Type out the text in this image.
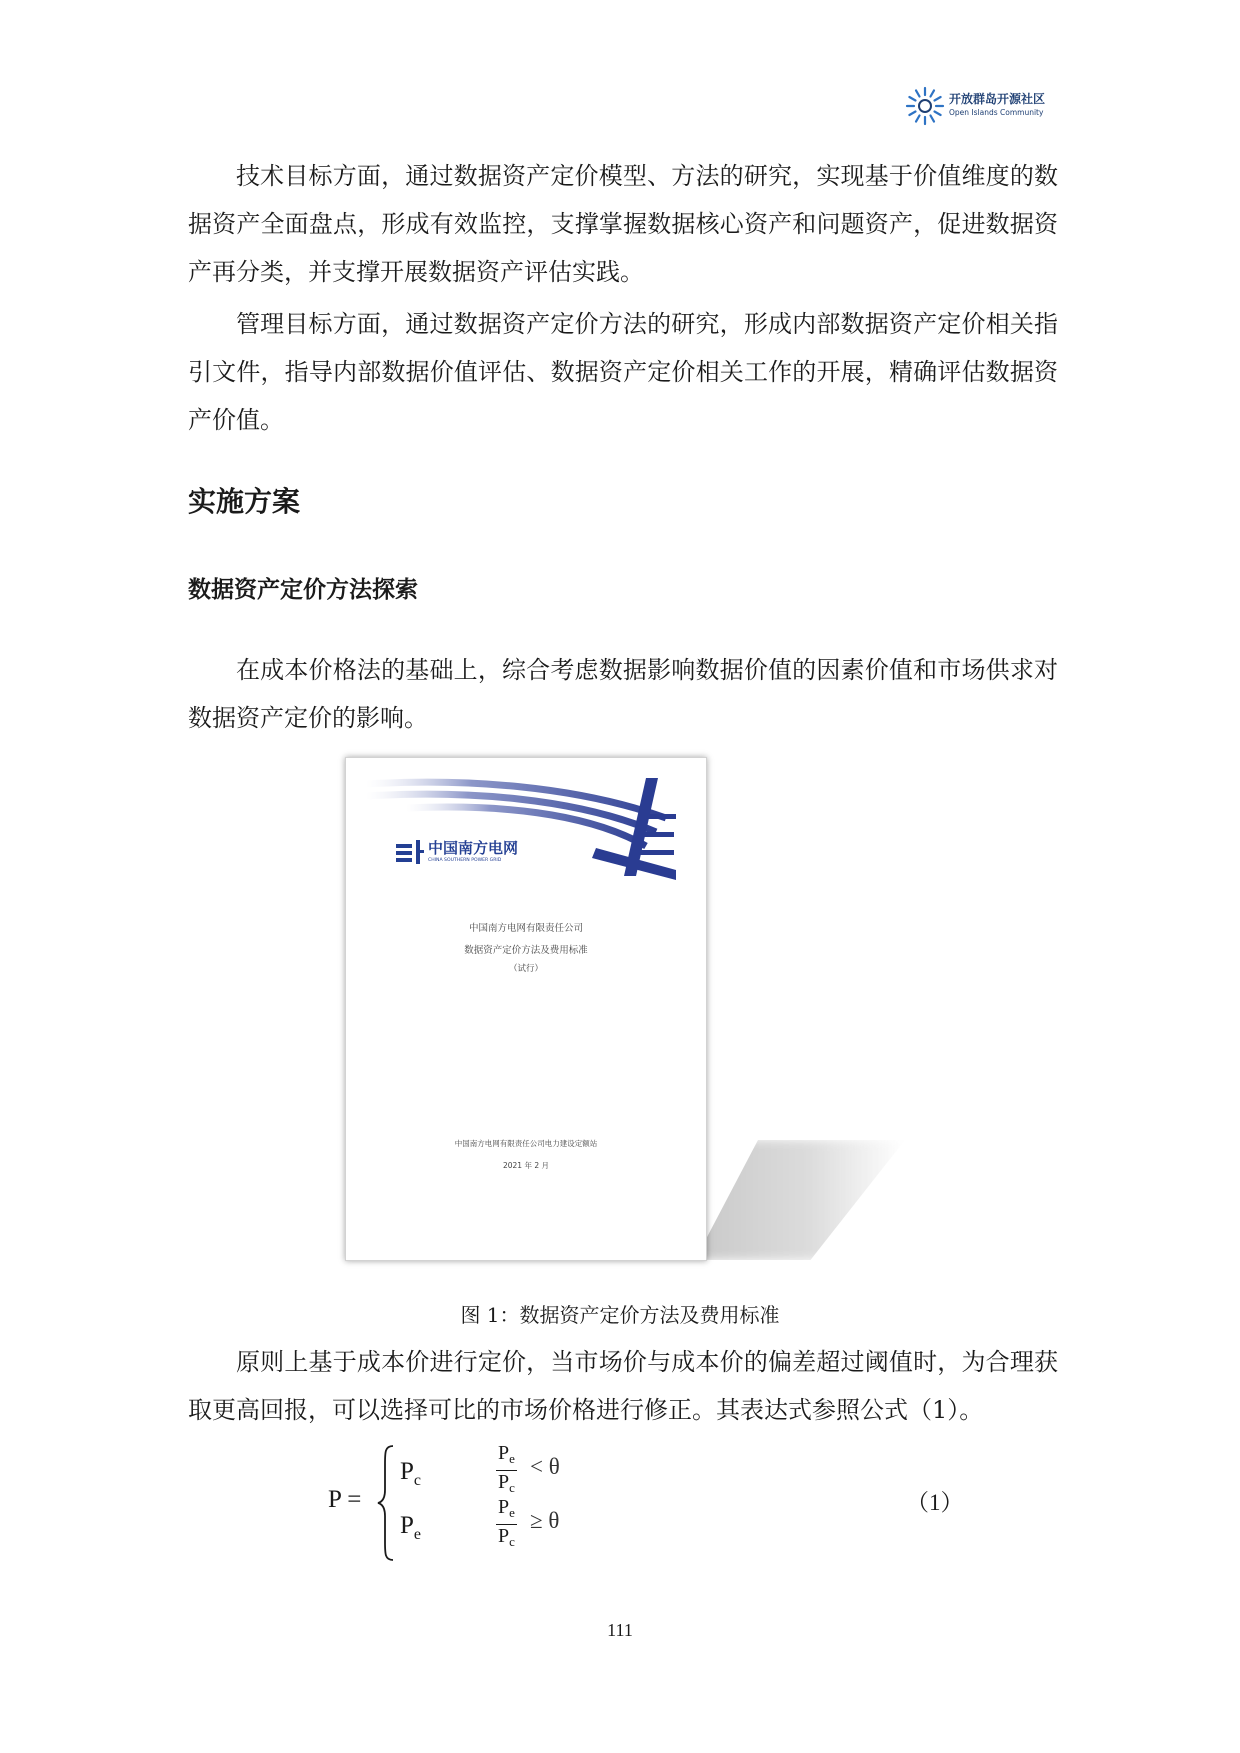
开放群岛开源社区
Open Islands Community

技术目标方面，通过数据资产定价模型、方法的研究，实现基于价值维度的数据资产全面盘点，形成有效监控，支撑掌握数据核心资产和问题资产，促进数据资产再分类，并支撑开展数据资产评估实践。

管理目标方面，通过数据资产定价方法的研究，形成内部数据资产定价相关指引文件，指导内部数据价值评估、数据资产定价相关工作的开展，精确评估数据资产价值。

实施方案
数据资产定价方法探索

在成本价格法的基础上，综合考虑数据影响数据价值的因素价值和市场供求对数据资产定价的影响。

中国南方电网
CHINA SOUTHERN POWER GRID
中国南方电网有限责任公司
数据资产定价方法及费用标准
（试行）
中国南方电网有限责任公司电力建设定额站
2021 年 2 月

图 1：数据资产定价方法及费用标准

原则上基于成本价进行定价，当市场价与成本价的偏差超过阈值时，为合理获取更高回报，可以选择可比的市场价格进行修正。其表达式参照公式（1）。

P =
$P_c$
$P_e$
$\frac{P_e}{P_c} < \theta$
$\frac{P_e}{P_c} \ge \theta$
（1）
111
